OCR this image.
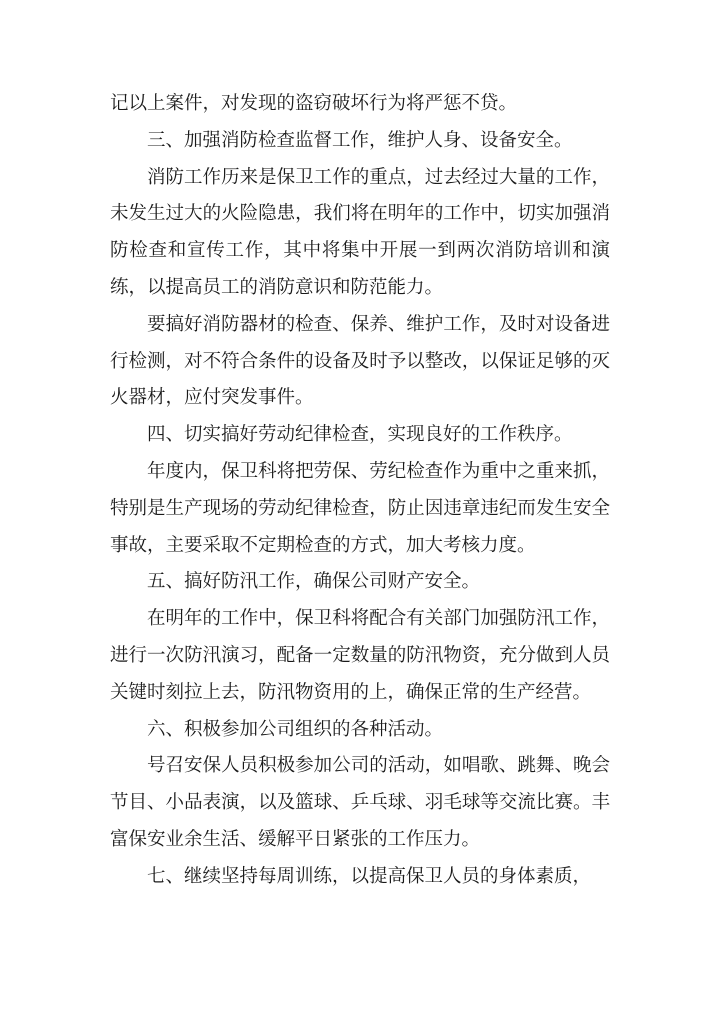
记以上案件，对发现的盗窃破坏行为将严惩不贷。

三、加强消防检查监督工作，维护人身、设备安全。

消防工作历来是保卫工作的重点，过去经过大量的工作，未发生过大的火险隐患，我们将在明年的工作中，切实加强消防检查和宣传工作，其中将集中开展一到两次消防培训和演练，以提高员工的消防意识和防范能力。

要搞好消防器材的检查、保养、维护工作，及时对设备进行检测，对不符合条件的设备及时予以整改，以保证足够的灭火器材，应付突发事件。

四、切实搞好劳动纪律检查，实现良好的工作秩序。

年度内，保卫科将把劳保、劳纪检查作为重中之重来抓，特别是生产现场的劳动纪律检查，防止因违章违纪而发生安全事故，主要采取不定期检查的方式，加大考核力度。

五、搞好防汛工作，确保公司财产安全。

在明年的工作中，保卫科将配合有关部门加强防汛工作，进行一次防汛演习，配备一定数量的防汛物资，充分做到人员关键时刻拉上去，防汛物资用的上，确保正常的生产经营。

六、积极参加公司组织的各种活动。

号召安保人员积极参加公司的活动，如唱歌、跳舞、晚会节目、小品表演，以及篮球、乒乓球、羽毛球等交流比赛。丰富保安业余生活、缓解平日紧张的工作压力。

七、继续坚持每周训练，以提高保卫人员的身体素质，
